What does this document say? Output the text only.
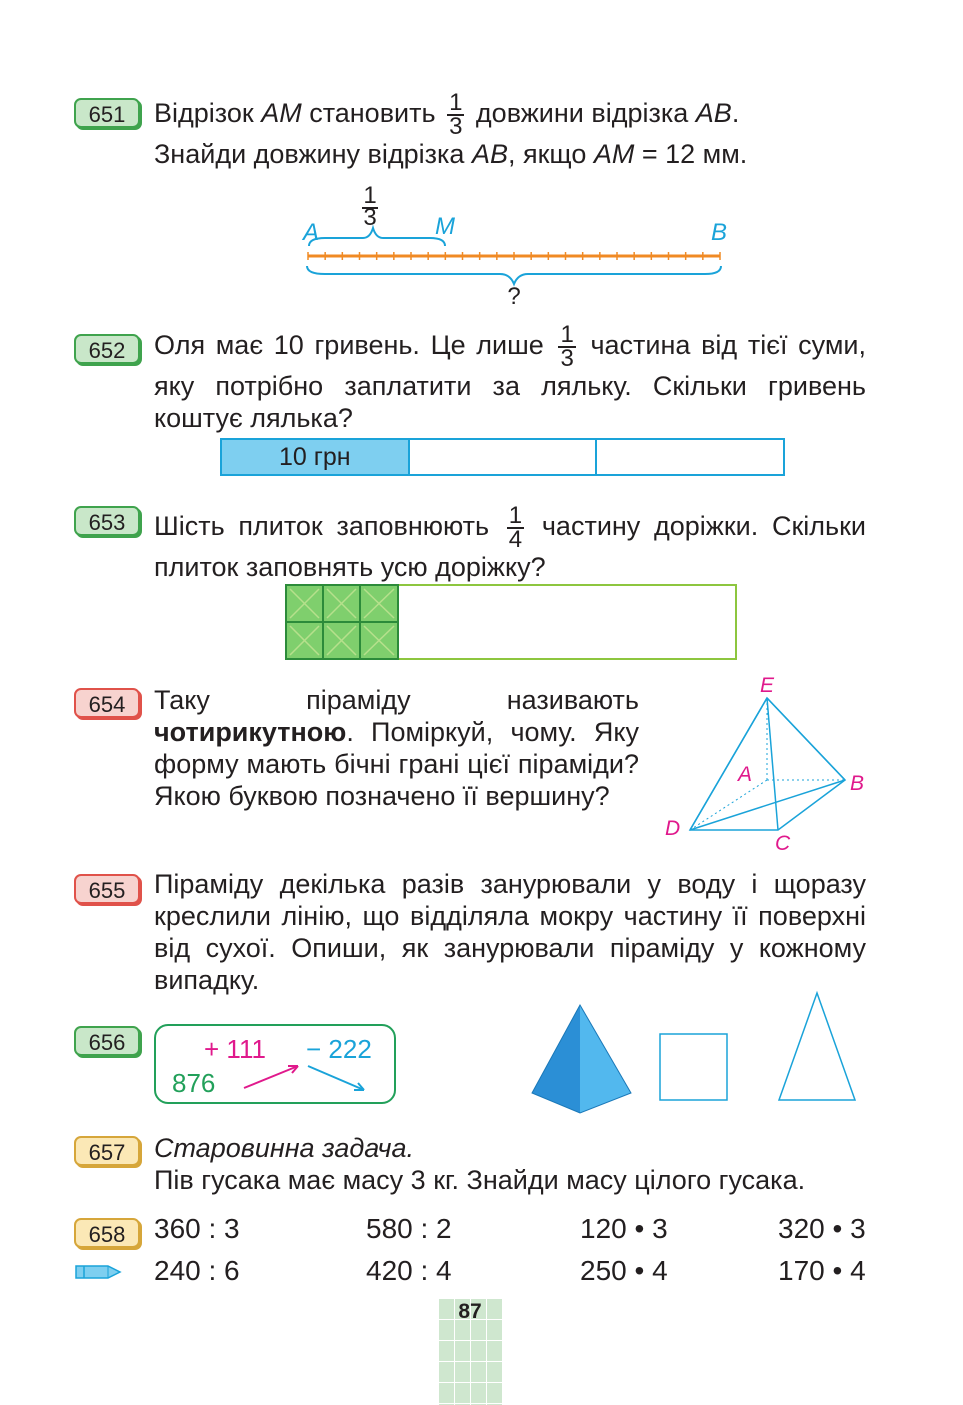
651	Відрізок AM становить $\frac{1}{3}$ довжини відрізка AB.
Знайди довжину відрізка AB, якщо AM = 12 мм.
1
3
A	M	B
?
652	Оля має 10 гривень. Це лише $\frac{1}{3}$ частина від тієї суми, яку потрібно заплатити за ляльку. Скільки гривень коштує лялька?
10 грн
653	Шість плиток заповнюють $\frac{1}{4}$ частину доріжки. Скільки плиток заповнять усю доріжку?
654	Таку піраміду називають чотирикутною. Поміркуй, чому. Яку форму мають бічні грані цієї піраміди? Якою буквою позначено її вершину?
E
A	B
C
D
655	Піраміду декілька разів занурювали у воду і щоразу креслили лінію, що відділяла мокру частину її поверхні від сухої. Опиши, як занурювали піраміду у кожному випадку.
656
876
+ 111 − 222
657	Старовинна задача.
Пів гусака має масу 3 кг. Знайди масу цілого гусака.
658	360 : 3	580 : 2	120 • 3	320 • 3
240 : 6	420 : 4	250 • 4	170 • 4
87
